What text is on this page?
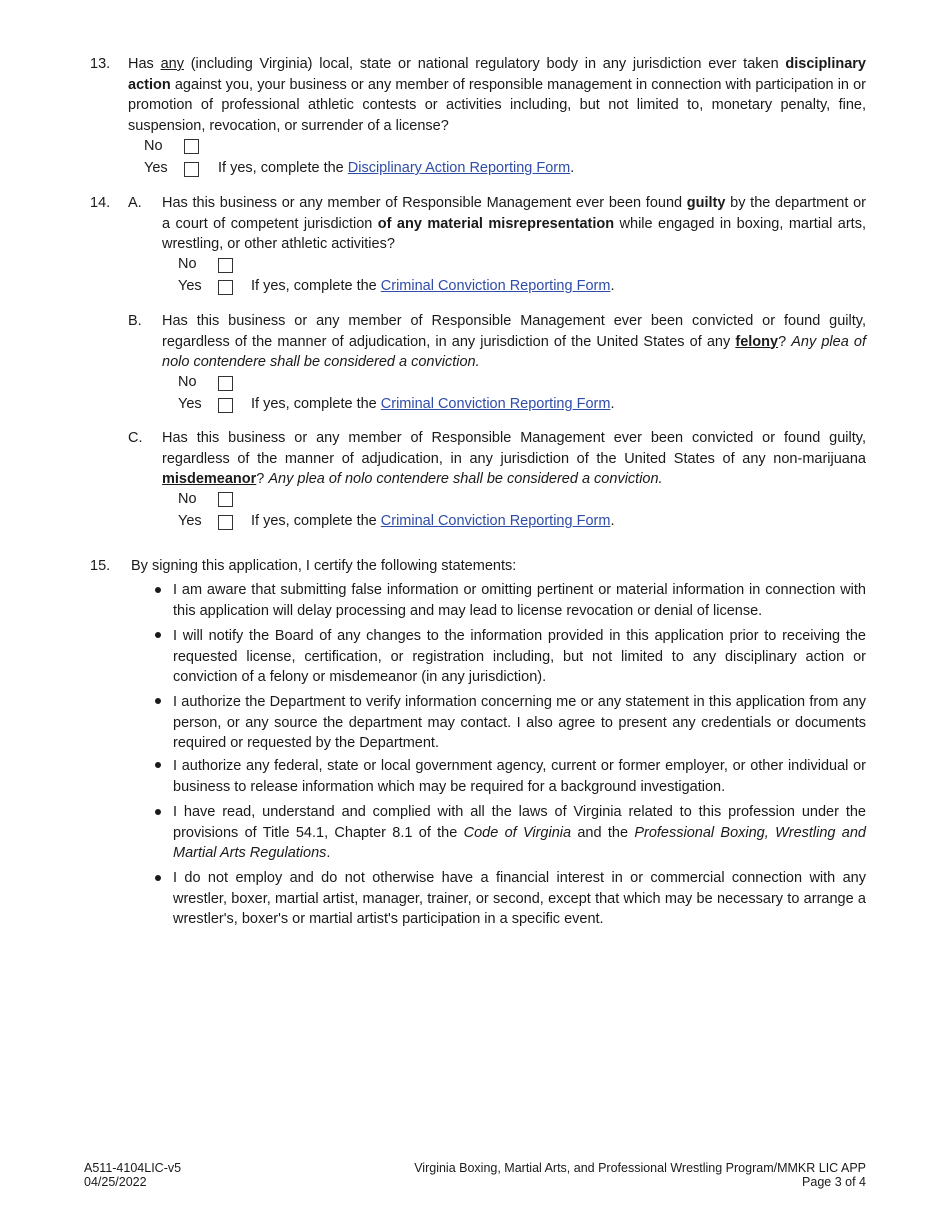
13. Has any (including Virginia) local, state or national regulatory body in any jurisdiction ever taken disciplinary action against you, your business or any member of responsible management in connection with participation in or promotion of professional athletic contests or activities including, but not limited to, monetary penalty, fine, suspension, revocation, or surrender of a license?
No
Yes	If yes, complete the Disciplinary Action Reporting Form.
14. A. Has this business or any member of Responsible Management ever been found guilty by the department or a court of competent jurisdiction of any material misrepresentation while engaged in boxing, martial arts, wrestling, or other athletic activities?
No
Yes	If yes, complete the Criminal Conviction Reporting Form.
B. Has this business or any member of Responsible Management ever been convicted or found guilty, regardless of the manner of adjudication, in any jurisdiction of the United States of any felony? Any plea of nolo contendere shall be considered a conviction.
No
Yes	If yes, complete the Criminal Conviction Reporting Form.
C. Has this business or any member of Responsible Management ever been convicted or found guilty, regardless of the manner of adjudication, in any jurisdiction of the United States of any non-marijuana misdemeanor? Any plea of nolo contendere shall be considered a conviction.
No
Yes	If yes, complete the Criminal Conviction Reporting Form.
15. By signing this application, I certify the following statements:
I am aware that submitting false information or omitting pertinent or material information in connection with this application will delay processing and may lead to license revocation or denial of license.
I will notify the Board of any changes to the information provided in this application prior to receiving the requested license, certification, or registration including, but not limited to any disciplinary action or conviction of a felony or misdemeanor (in any jurisdiction).
I authorize the Department to verify information concerning me or any statement in this application from any person, or any source the department may contact. I also agree to present any credentials or documents required or requested by the Department.
I authorize any federal, state or local government agency, current or former employer, or other individual or business to release information which may be required for a background investigation.
I have read, understand and complied with all the laws of Virginia related to this profession under the provisions of Title 54.1, Chapter 8.1 of the Code of Virginia and the Professional Boxing, Wrestling and Martial Arts Regulations.
I do not employ and do not otherwise have a financial interest in or commercial connection with any wrestler, boxer, martial artist, manager, trainer, or second, except that which may be necessary to arrange a wrestler's, boxer's or martial artist's participation in a specific event.
A511-4104LIC-v5
04/25/2022
Virginia Boxing, Martial Arts, and Professional Wrestling Program/MMKR LIC APP
Page 3 of 4
